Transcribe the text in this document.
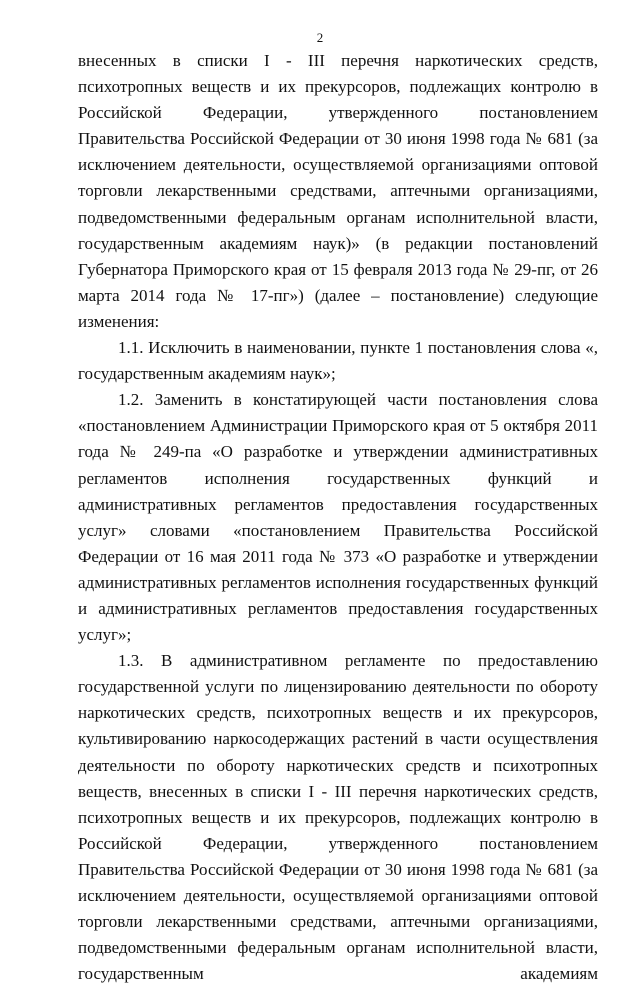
2

внесенных в списки I - III перечня наркотических средств, психотропных веществ и их прекурсоров, подлежащих контролю в Российской Федерации, утвержденного постановлением Правительства Российской Федерации от 30 июня 1998 года № 681 (за исключением деятельности, осуществляемой организациями оптовой торговли лекарственными средствами, аптечными организациями, подведомственными федеральным органам исполнительной власти, государственным академиям наук)» (в редакции постановлений Губернатора Приморского края от 15 февраля 2013 года № 29-пг, от 26 марта 2014 года № 17-пг») (далее – постановление) следующие изменения:

1.1. Исключить в наименовании, пункте 1 постановления слова «, государственным академиям наук»;

1.2. Заменить в констатирующей части постановления слова «постановлением Администрации Приморского края от 5 октября 2011 года № 249-па «О разработке и утверждении административных регламентов исполнения государственных функций и административных регламентов предоставления государственных услуг» словами «постановлением Правительства Российской Федерации от 16 мая 2011 года № 373 «О разработке и утверждении административных регламентов исполнения государственных функций и административных регламентов предоставления государственных услуг»;

1.3. В административном регламенте по предоставлению государственной услуги по лицензированию деятельности по обороту наркотических средств, психотропных веществ и их прекурсоров, культивированию наркосодержащих растений в части осуществления деятельности по обороту наркотических средств и психотропных веществ, внесенных в списки I - III перечня наркотических средств, психотропных веществ и их прекурсоров, подлежащих контролю в Российской Федерации, утвержденного постановлением Правительства Российской Федерации от 30 июня 1998 года № 681 (за исключением деятельности, осуществляемой организациями оптовой торговли лекарственными средствами, аптечными организациями, подведомственными федеральным органам исполнительной власти, государственным академиям
